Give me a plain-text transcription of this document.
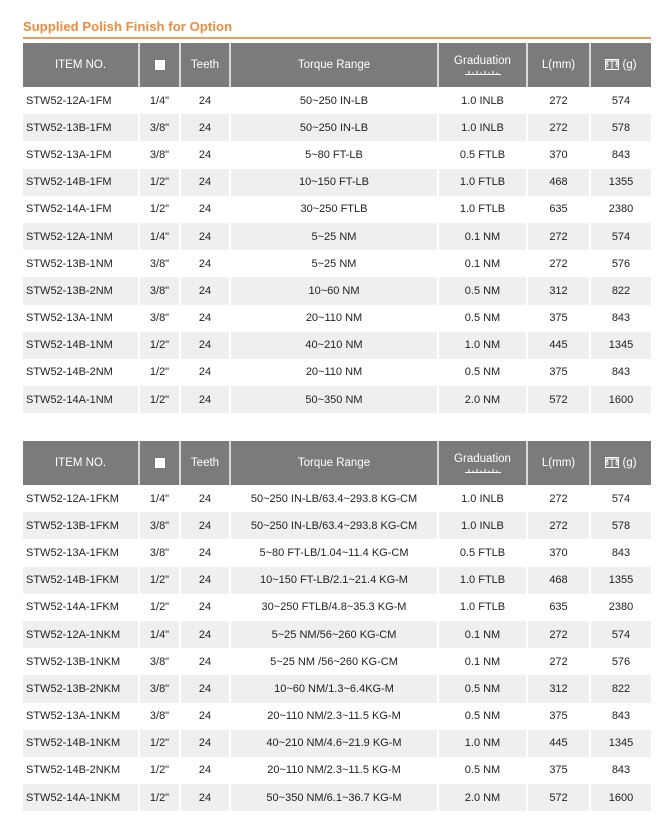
Supplied Polish Finish for Option
ITEM NO.		Teeth	Torque Range	Graduation	L(mm)	(g)
STW52-12A-1FM	1/4"	24	50~250 IN-LB	1.0 INLB	272	574
STW52-13B-1FM	3/8"	24	50~250 IN-LB	1.0 INLB	272	578
STW52-13A-1FM	3/8"	24	5~80 FT-LB	0.5 FTLB	370	843
STW52-14B-1FM	1/2"	24	10~150 FT-LB	1.0 FTLB	468	1355
STW52-14A-1FM	1/2"	24	30~250 FTLB	1.0 FTLB	635	2380
STW52-12A-1NM	1/4"	24	5~25 NM	0.1 NM	272	574
STW52-13B-1NM	3/8"	24	5~25 NM	0.1 NM	272	576
STW52-13B-2NM	3/8"	24	10~60 NM	0.5 NM	312	822
STW52-13A-1NM	3/8"	24	20~110 NM	0.5 NM	375	843
STW52-14B-1NM	1/2"	24	40~210 NM	1.0 NM	445	1345
STW52-14B-2NM	1/2"	24	20~110 NM	0.5 NM	375	843
STW52-14A-1NM	1/2"	24	50~350 NM	2.0 NM	572	1600
ITEM NO.		Teeth	Torque Range	Graduation	L(mm)	(g)
STW52-12A-1FKM	1/4"	24	50~250 IN-LB/63.4~293.8 KG-CM	1.0 INLB	272	574
STW52-13B-1FKM	3/8"	24	50~250 IN-LB/63.4~293.8 KG-CM	1.0 INLB	272	578
STW52-13A-1FKM	3/8"	24	5~80 FT-LB/1.04~11.4 KG-CM	0.5 FTLB	370	843
STW52-14B-1FKM	1/2"	24	10~150 FT-LB/2.1~21.4 KG-M	1.0 FTLB	468	1355
STW52-14A-1FKM	1/2"	24	30~250 FTLB/4.8~35.3 KG-M	1.0 FTLB	635	2380
STW52-12A-1NKM	1/4"	24	5~25 NM/56~260 KG-CM	0.1 NM	272	574
STW52-13B-1NKM	3/8"	24	5~25 NM /56~260 KG-CM	0.1 NM	272	576
STW52-13B-2NKM	3/8"	24	10~60 NM/1.3~6.4KG-M	0.5 NM	312	822
STW52-13A-1NKM	3/8"	24	20~110 NM/2.3~11.5 KG-M	0.5 NM	375	843
STW52-14B-1NKM	1/2"	24	40~210 NM/4.6~21.9 KG-M	1.0 NM	445	1345
STW52-14B-2NKM	1/2"	24	20~110 NM/2.3~11.5 KG-M	0.5 NM	375	843
STW52-14A-1NKM	1/2"	24	50~350 NM/6.1~36.7 KG-M	2.0 NM	572	1600
